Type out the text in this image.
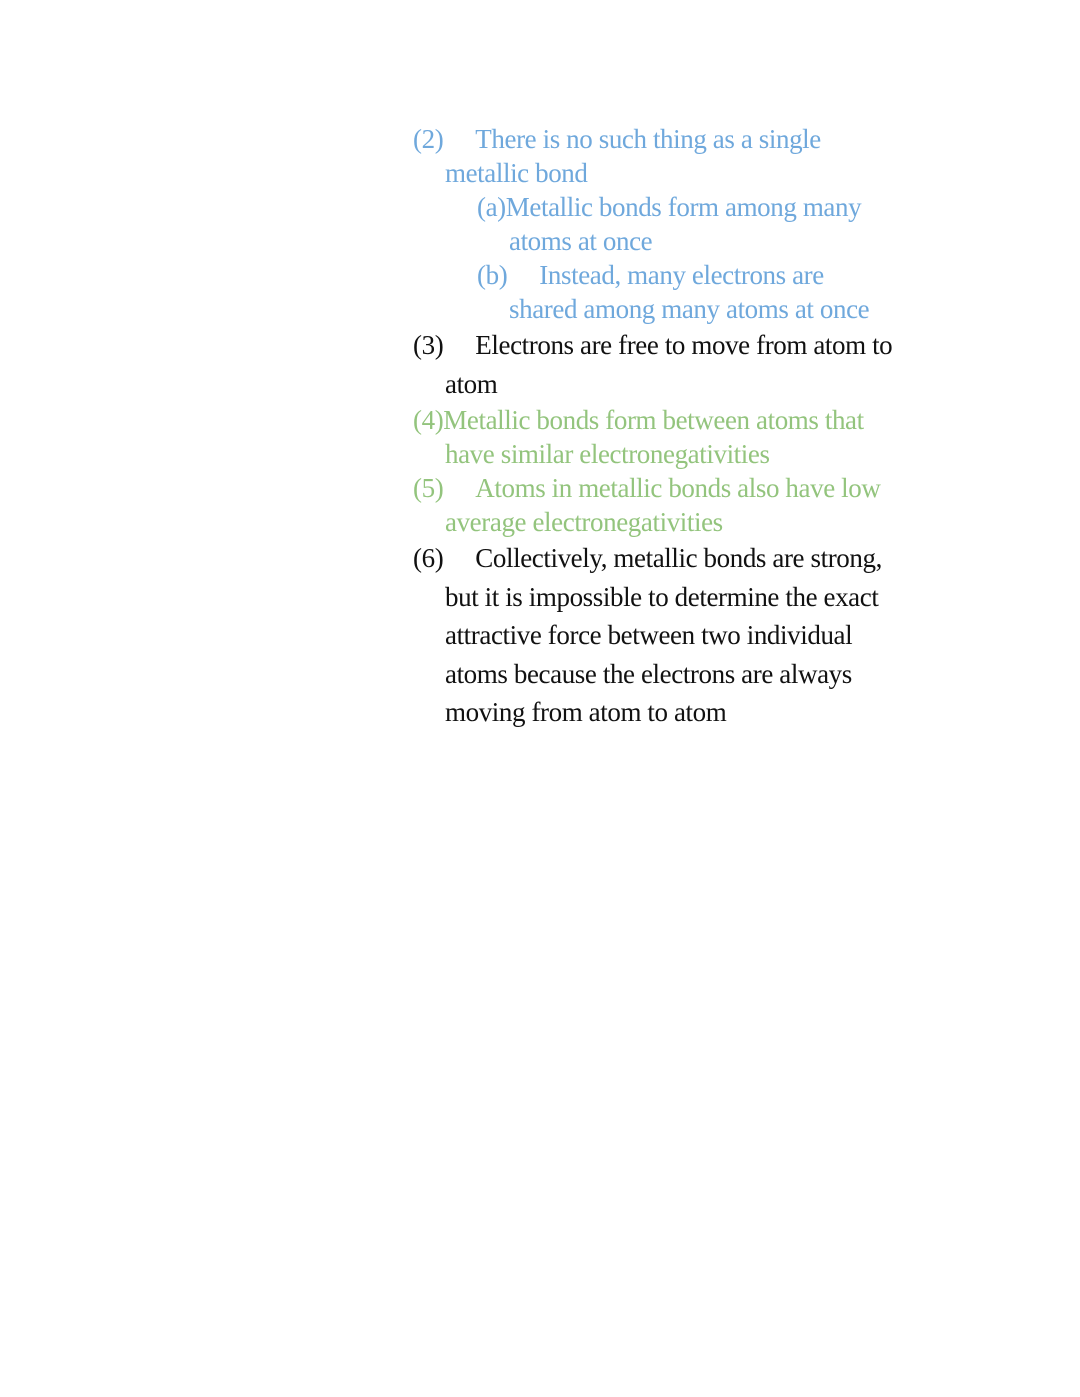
(2) There is no such thing as a single
metallic bond
(a)Metallic bonds form among many
atoms at once
(b) Instead, many electrons are
shared among many atoms at once
(3) Electrons are free to move from atom to
atom
(4)Metallic bonds form between atoms that
have similar electronegativities
(5) Atoms in metallic bonds also have low
average electronegativities
(6) Collectively, metallic bonds are strong,
but it is impossible to determine the exact
attractive force between two individual
atoms because the electrons are always
moving from atom to atom
